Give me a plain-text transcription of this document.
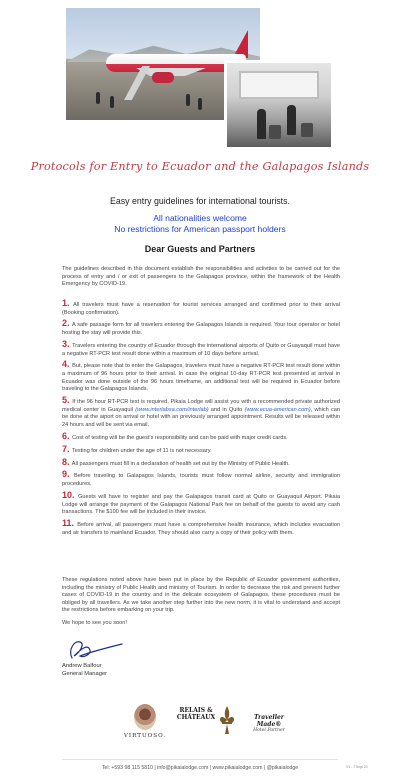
Protocols for Entry to Ecuador and the Galapagos Islands
Easy entry guidelines for international tourists.
All nationalities welcome
No restrictions for American passport holders
Dear Guests and Partners

The guidelines described in this document establish the responsibilities and activities to be carried out for the process of entry and / or exit of passengers to the Galapagos province, within the framework of the Health Emergency by COVID-19.

1. All travelers must have a reservation for tourist services arranged and confirmed prior to their arrival (Booking confirmation).

2. A safe passage form for all travelers entering the Galapagos Islands is required. Your tour operator or hotel hosting the stay will provide this.

3. Travelers entering the country of Ecuador through the international airports of Quito or Guayaquil must have a negative RT-PCR test result done within a maximum of 10 days before arrival.

4. But, please note that to enter the Galapagos, travelers must have a negative RT-PCR test result done within a maximum of 96 hours prior to their arrival. In case the original 10-day RT-PCR test presented at arrival in Ecuador was done outside of the 96 hours timeframe, an additional test will be required in Ecuador before traveling to the Galapagos Islands.

5. If the 96 hour RT-PCR test is required, Pikaia Lodge will assist you with a recommended private authorized medical center in Guayaquil (www.interlabsa.com/interlab) and in Quito (www.ecua-american.com), which can be done at the aiport on arrival or hotel with an previously arranged appointment. Results will be released within 24 hours and will be sent via email.

6. Cost of testing will be the guest's responsibility and can be paid with major credit cards.

7. Testing for children under the age of 11 is not necessary.

8. All passengers must fill in a declaration of health set out by the Ministry of Public Health.

9. Before traveling to Galapagos Islands, tourists must follow normal airline, security and immigration procedures.

10. Guests will have to register and pay the Galapagos transit card at Quito or Guayaquil Airport. Pikaia Lodge will arrange the payment of the Galapagos National Park fee on behalf of the guests to avoid any cash transactions. The $100 fee will be included in their invoice.

11. Before arrival, all passengers must have a comprehensive health insurance, which includes evacuation and air transfers to mainland Ecuador. They should also carry a copy of their policy with them.

These regulations noted above have been put in place by the Republic of Ecuador government authorities, including the ministry of Public Health and ministry of Tourism. In order to decrease the risk and prevent further cases of COVID-19 in the country and in the delicate ecosystem of Galapagos, these procedures must be obliged by all travellers. As we take another step further into the new norm, it is vital to understand and accept the restrictions before embarking on your trip.

We hope to see you soon!

Andrew Balfour
General Manager
VIRTUOSO.
RELAIS &
CHÂTEAUX	Traveller Made®
Hotel Partner
Tel: +593 98 115 5810 | info@pikaialodge.com | www.pikaialodge.com | @pikaialodge	V3 - 7 Sept 20
